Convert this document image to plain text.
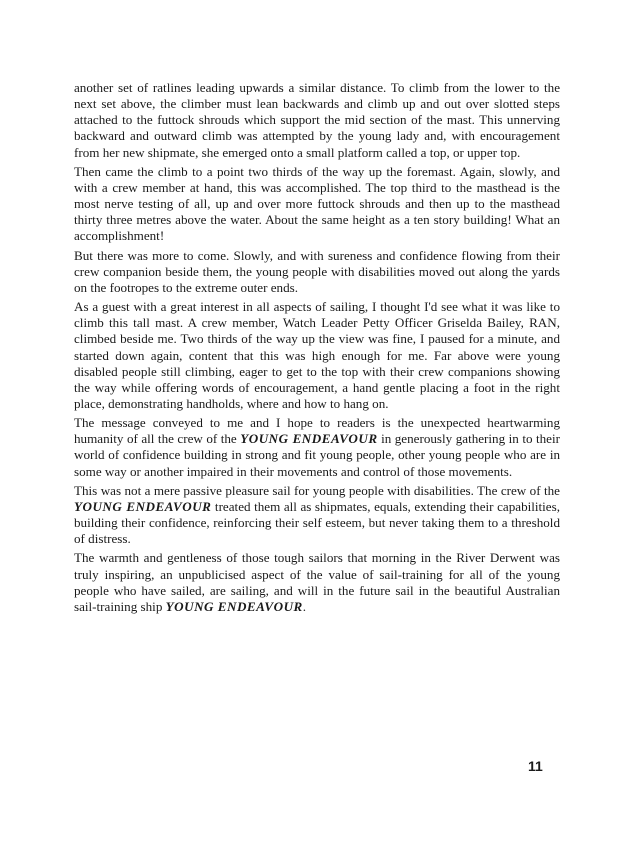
another set of ratlines leading upwards a similar distance. To climb from the lower to the next set above, the climber must lean backwards and climb up and out over slotted steps attached to the futtock shrouds which support the mid section of the mast. This unnerving backward and outward climb was attempted by the young lady and, with encouragement from her new shipmate, she emerged onto a small platform called a top, or upper top.

Then came the climb to a point two thirds of the way up the foremast. Again, slowly, and with a crew member at hand, this was accomplished. The top third to the masthead is the most nerve testing of all, up and over more futtock shrouds and then up to the masthead thirty three metres above the water. About the same height as a ten story building! What an accomplishment!

But there was more to come. Slowly, and with sureness and confidence flowing from their crew companion beside them, the young people with disabilities moved out along the yards on the footropes to the extreme outer ends.

As a guest with a great interest in all aspects of sailing, I thought I'd see what it was like to climb this tall mast. A crew member, Watch Leader Petty Officer Griselda Bailey, RAN, climbed beside me. Two thirds of the way up the view was fine, I paused for a minute, and started down again, content that this was high enough for me. Far above were young disabled people still climbing, eager to get to the top with their crew companions showing the way while offering words of encouragement, a hand gentle placing a foot in the right place, demonstrating handholds, where and how to hang on.

The message conveyed to me and I hope to readers is the unexpected heartwarming humanity of all the crew of the YOUNG ENDEAVOUR in generously gathering in to their world of confidence building in strong and fit young people, other young people who are in some way or another impaired in their movements and control of those movements.

This was not a mere passive pleasure sail for young people with disabilities. The crew of the YOUNG ENDEAVOUR treated them all as shipmates, equals, extending their capabilities, building their confidence, reinforcing their self esteem, but never taking them to a threshold of distress.

The warmth and gentleness of those tough sailors that morning in the River Derwent was truly inspiring, an unpublicised aspect of the value of sail-training for all of the young people who have sailed, are sailing, and will in the future sail in the beautiful Australian sail-training ship YOUNG ENDEAVOUR.

11
